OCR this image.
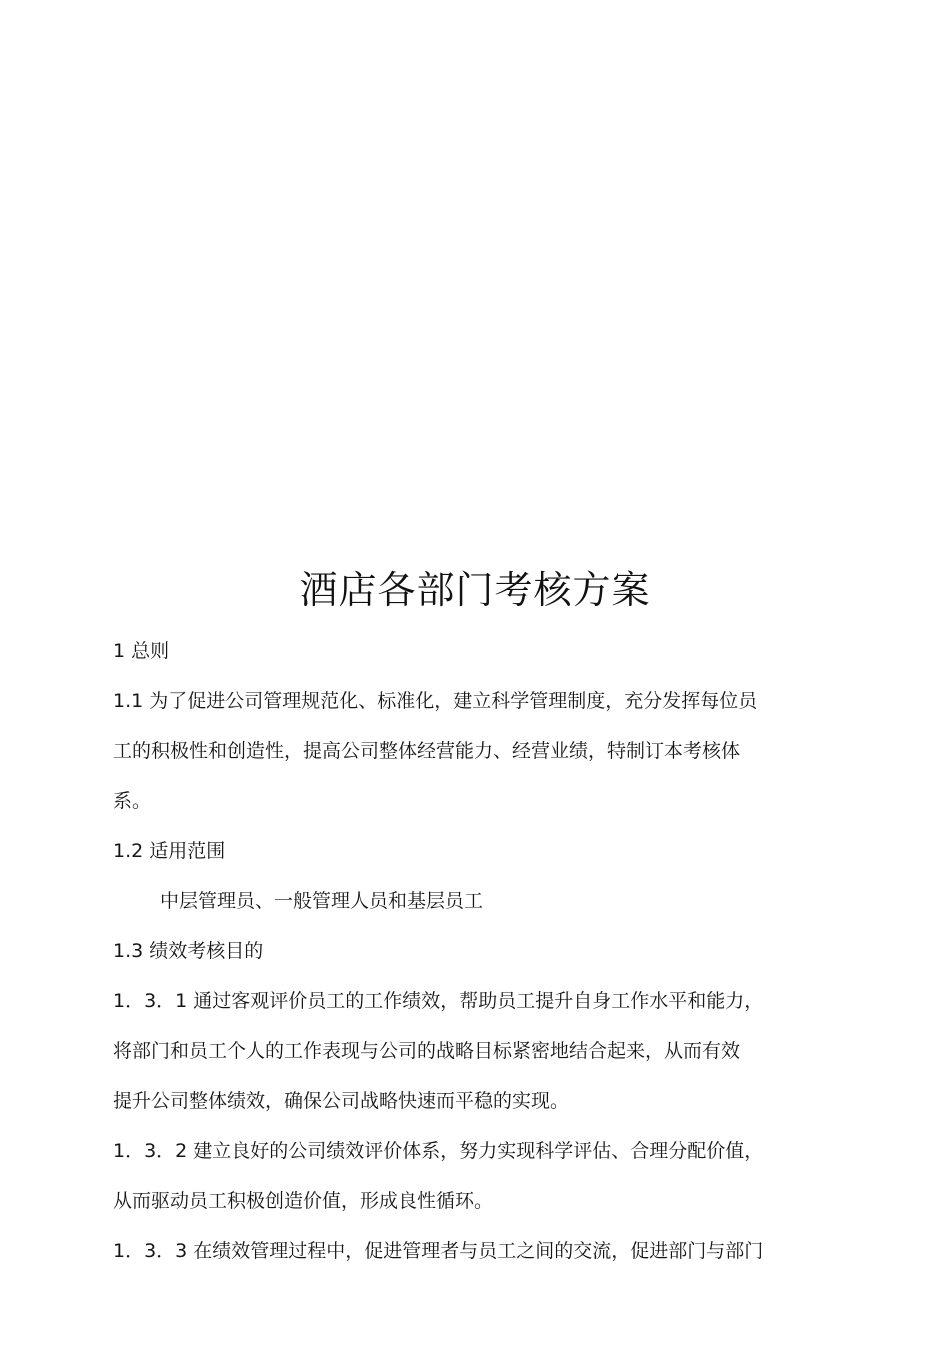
酒店各部门考核方案
1 总则
1.1 为了促进公司管理规范化、标准化，建立科学管理制度，充分发挥每位员
工的积极性和创造性，提高公司整体经营能力、经营业绩，特制订本考核体
系。
1.2 适用范围
中层管理员、一般管理人员和基层员工
1.3 绩效考核目的
1．3．1 通过客观评价员工的工作绩效，帮助员工提升自身工作水平和能力，
将部门和员工个人的工作表现与公司的战略目标紧密地结合起来，从而有效
提升公司整体绩效，确保公司战略快速而平稳的实现。
1．3．2 建立良好的公司绩效评价体系，努力实现科学评估、合理分配价值，
从而驱动员工积极创造价值，形成良性循环。
1．3．3 在绩效管理过程中，促进管理者与员工之间的交流，促进部门与部门
